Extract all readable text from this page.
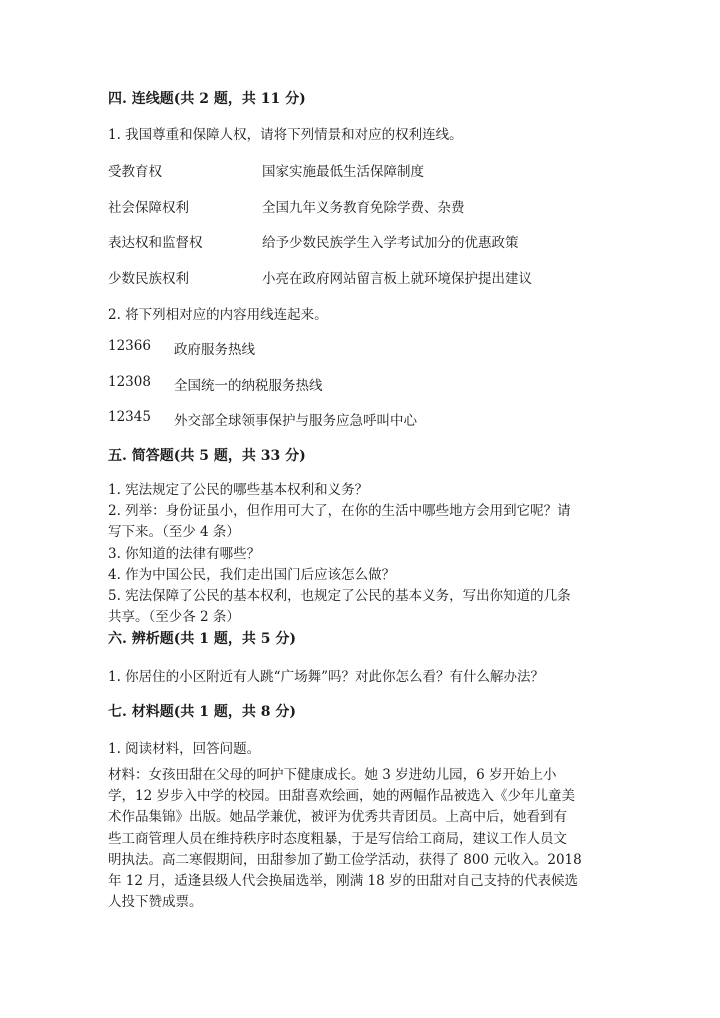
四. 连线题(共 2 题，共 11 分)
1. 我国尊重和保障人权，请将下列情景和对应的权利连线。
受教育权	国家实施最低生活保障制度
社会保障权利	全国九年义务教育免除学费、杂费
表达权和监督权	给予少数民族学生入学考试加分的优惠政策
少数民族权利	小亮在政府网站留言板上就环境保护提出建议
2. 将下列相对应的内容用线连起来。
12366 政府服务热线
12308 全国统一的纳税服务热线
12345 外交部全球领事保护与服务应急呼叫中心
五. 简答题(共 5 题，共 33 分)
1. 宪法规定了公民的哪些基本权利和义务？
2. 列举：身份证虽小，但作用可大了，在你的生活中哪些地方会用到它呢？请
写下来。（至少 4 条）
3. 你知道的法律有哪些？
4. 作为中国公民，我们走出国门后应该怎么做？
5. 宪法保障了公民的基本权利，也规定了公民的基本义务，写出你知道的几条
共享。（至少各 2 条）
六. 辨析题(共 1 题，共 5 分)
1. 你居住的小区附近有人跳“广场舞”吗？对此你怎么看？有什么解办法？
七. 材料题(共 1 题，共 8 分)
1. 阅读材料，回答问题。
材料：女孩田甜在父母的呵护下健康成长。她 3 岁进幼儿园，6 岁开始上小
学，12 岁步入中学的校园。田甜喜欢绘画，她的两幅作品被选入《少年儿童美
术作品集锦》出版。她品学兼优，被评为优秀共青团员。上高中后，她看到有
些工商管理人员在维持秩序时态度粗暴，于是写信给工商局，建议工作人员文
明执法。高二寒假期间，田甜参加了勤工俭学活动，获得了 800 元收入。2018
年 12 月，适逢县级人代会换届选举，刚满 18 岁的田甜对自己支持的代表候选
人投下赞成票。
